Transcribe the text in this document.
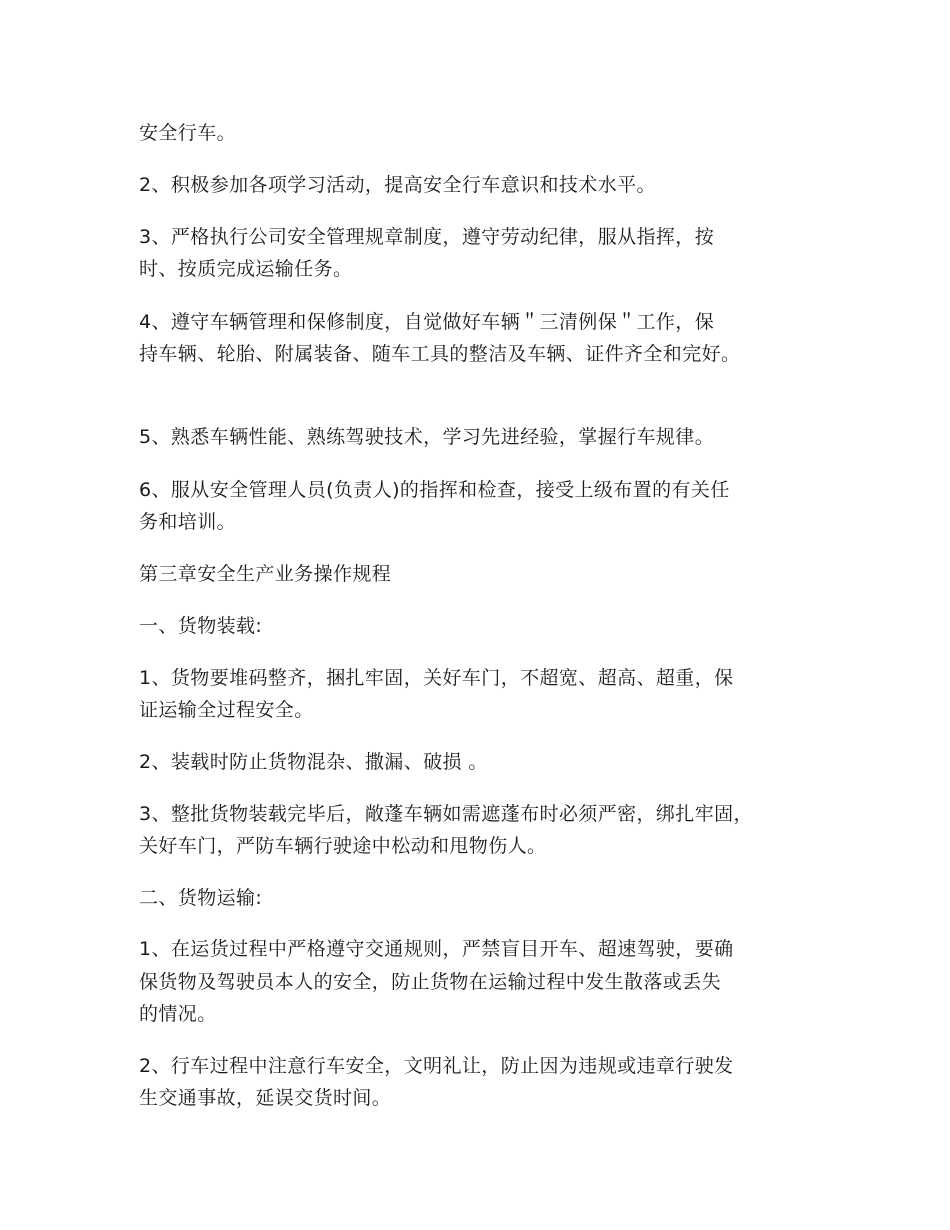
安全行车。
2、积极参加各项学习活动，提高安全行车意识和技术水平。
3、严格执行公司安全管理规章制度，遵守劳动纪律，服从指挥，按
时、按质完成运输任务。
4、遵守车辆管理和保修制度，自觉做好车辆＂三清例保＂工作，保
持车辆、轮胎、附属装备、随车工具的整洁及车辆、证件齐全和完好。
5、熟悉车辆性能、熟练驾驶技术，学习先进经验，掌握行车规律。
6、服从安全管理人员(负责人)的指挥和检查，接受上级布置的有关任
务和培训。
第三章安全生产业务操作规程
一、货物装载:
1、货物要堆码整齐，捆扎牢固，关好车门，不超宽、超高、超重，保
证运输全过程安全。
2、装载时防止货物混杂、撒漏、破损 。
3、整批货物装载完毕后，敞蓬车辆如需遮蓬布时必须严密，绑扎牢固，
关好车门，严防车辆行驶途中松动和甩物伤人。
二、货物运输:
1、在运货过程中严格遵守交通规则，严禁盲目开车、超速驾驶，要确
保货物及驾驶员本人的安全，防止货物在运输过程中发生散落或丢失
的情况。
2、行车过程中注意行车安全，文明礼让，防止因为违规或违章行驶发
生交通事故，延误交货时间。
